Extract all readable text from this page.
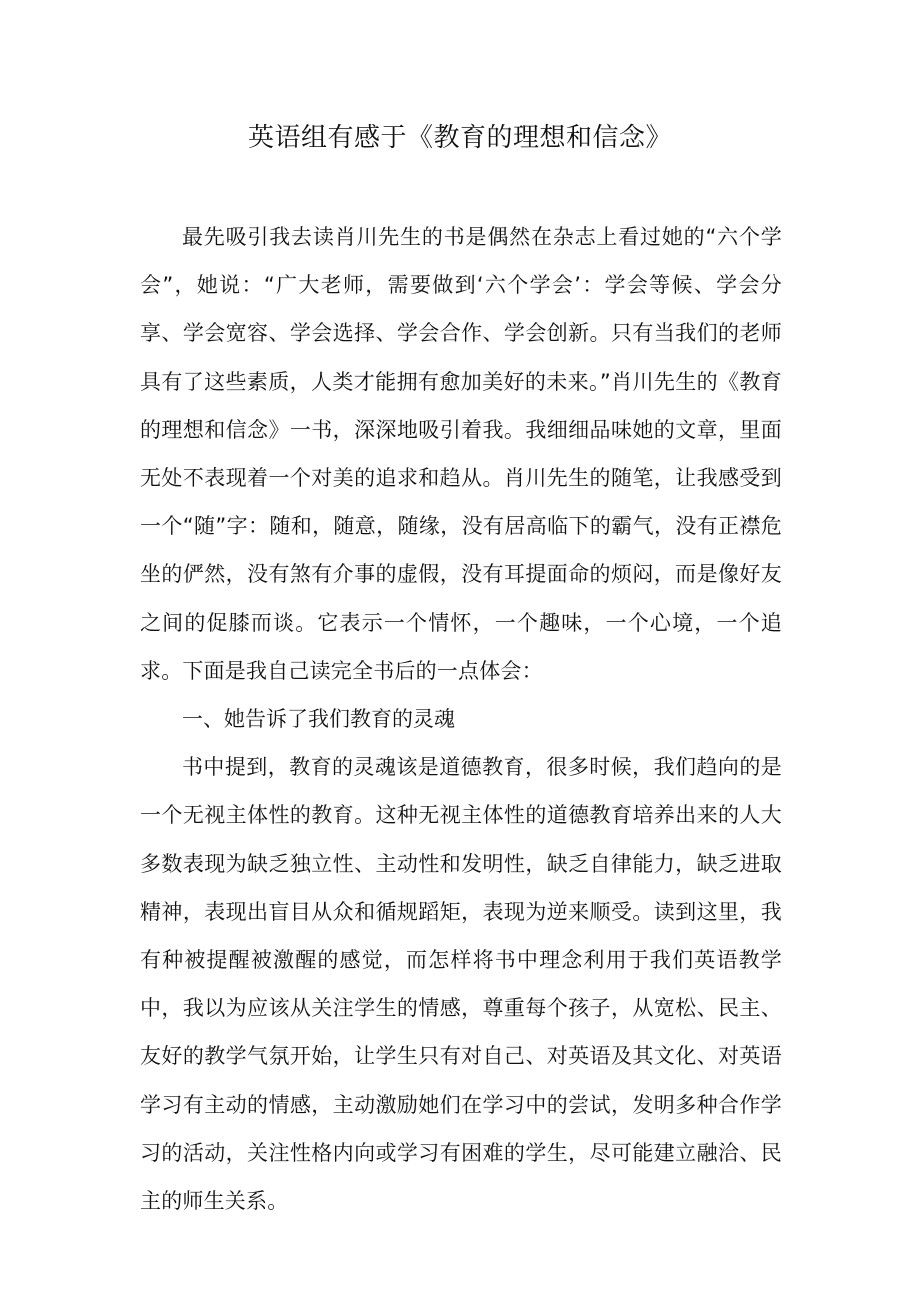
英语组有感于《教育的理想和信念》

最先吸引我去读肖川先生的书是偶然在杂志上看过她的“六个学会”，她说：“广大老师，需要做到‘六个学会’：学会等候、学会分享、学会宽容、学会选择、学会合作、学会创新。只有当我们的老师具有了这些素质，人类才能拥有愈加美好的未来。”肖川先生的《教育的理想和信念》一书，深深地吸引着我。我细细品味她的文章，里面无处不表现着一个对美的追求和趋从。肖川先生的随笔，让我感受到一个“随”字：随和，随意，随缘，没有居高临下的霸气，没有正襟危坐的俨然，没有煞有介事的虚假，没有耳提面命的烦闷，而是像好友之间的促膝而谈。它表示一个情怀，一个趣味，一个心境，一个追求。下面是我自己读完全书后的一点体会：

一、她告诉了我们教育的灵魂

书中提到，教育的灵魂该是道德教育，很多时候，我们趋向的是一个无视主体性的教育。这种无视主体性的道德教育培养出来的人大多数表现为缺乏独立性、主动性和发明性，缺乏自律能力，缺乏进取精神，表现出盲目从众和循规蹈矩，表现为逆来顺受。读到这里，我有种被提醒被激醒的感觉，而怎样将书中理念利用于我们英语教学中，我以为应该从关注学生的情感，尊重每个孩子，从宽松、民主、友好的教学气氛开始，让学生只有对自己、对英语及其文化、对英语学习有主动的情感，主动激励她们在学习中的尝试，发明多种合作学习的活动，关注性格内向或学习有困难的学生，尽可能建立融洽、民主的师生关系。
